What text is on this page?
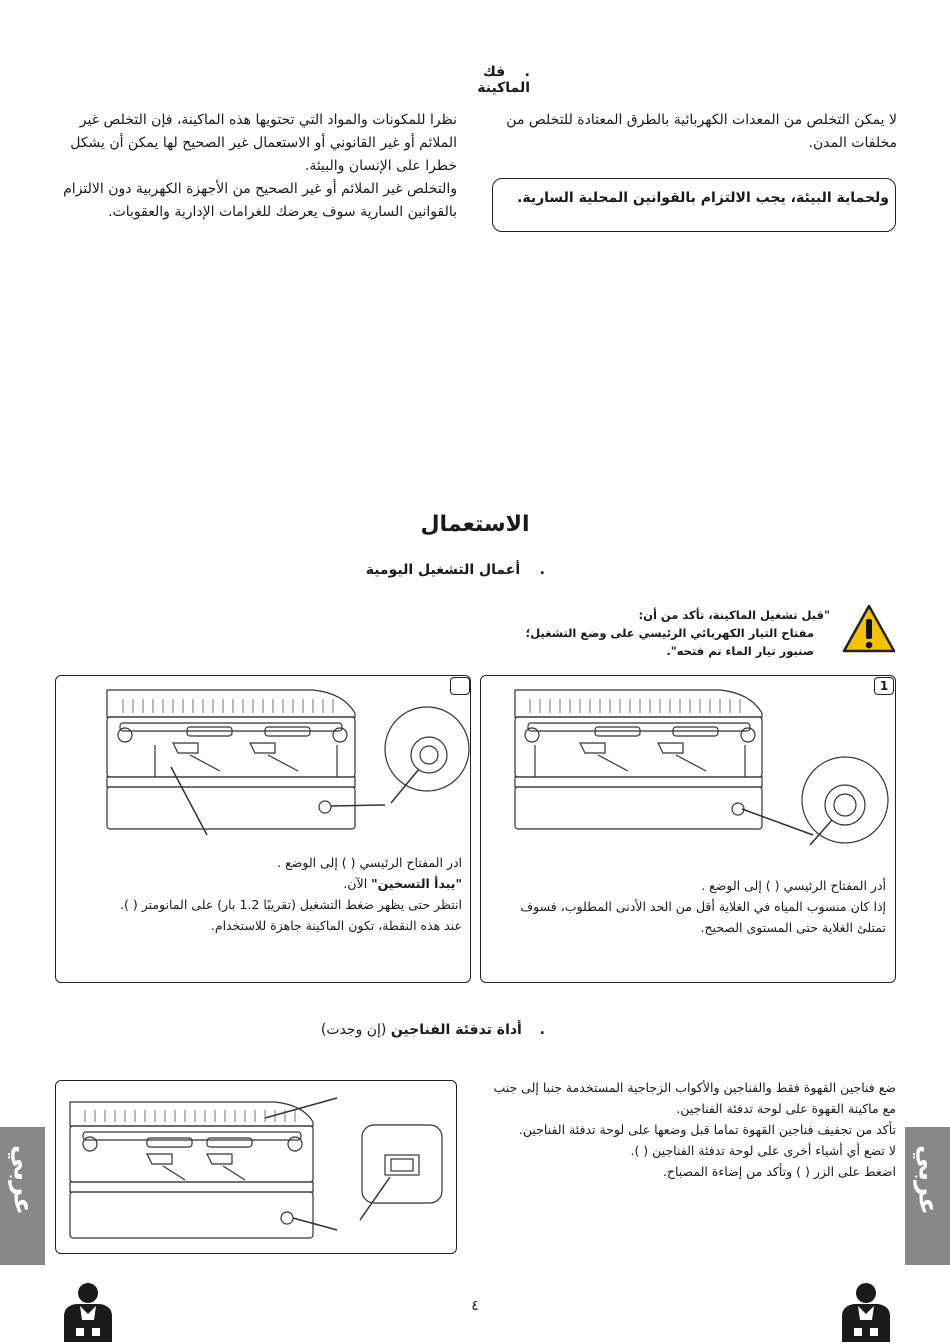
.    فك الماكينة
لا يمكن التخلص من المعدات الكهربائية بالطرق المعتادة للتخلص من مخلفات المدن.
ولحماية البيئة، يجب الالتزام بالقوانين المحلية السارية.
نظرا للمكونات والمواد التي تحتويها هذه الماكينة، فإن التخلص غير الملائم أو غير القانوني أو الاستعمال غير الصحيح لها يمكن أن يشكل خطرا على الإنسان والبيئة.
والتخلص غير الملائم أو غير الصحيح من الأجهزة الكهربية دون الالتزام بالقوانين السارية سوف يعرضك للغرامات الإدارية والعقوبات.
الاستعمال
.    أعمال التشغيل اليومية
"قبل تشغيل الماكينة، تأكد من أن:
مفتاح التيار الكهربائي الرئيسي على وضع التشغيل؛
صنبور تيار الماء تم فتحه".
1
أدر المفتاح الرئيسي ( ) إلى الوضع .
إذا كان منسوب المياه في الغلاية أقل من الحد الأدنى المطلوب، فسوف تمتلئ الغلاية حتى المستوى الصحيح.
ادر المفتاح الرئيسي ( ) إلى الوضع .
"يبدأ التسخين" الآن.
انتظر حتى يظهر ضغط التشغيل (تقريبًا 1.2 بار) على المانومتر ( ).
عند هذه النقطة، تكون الماكينة جاهزة للاستخدام.
.    أداة تدفئة الفناجين (إن وجدت)
ضع فناجين القهوة فقط والفناجين والأكواب الزجاجية المستخدمة جنبا إلى جنب مع ماكينة القهوة على لوحة تدفئة الفناجين.
تأكد من تجفيف فناجين القهوة تماما قبل وضعها على لوحة تدفئة الفناجين.
لا تضع أي أشياء أخرى على لوحة تدفئة الفناجين ( ).
اضغط على الزر ( ) وتأكد من إضاءة المصباح.
عربي	عربي
٤
